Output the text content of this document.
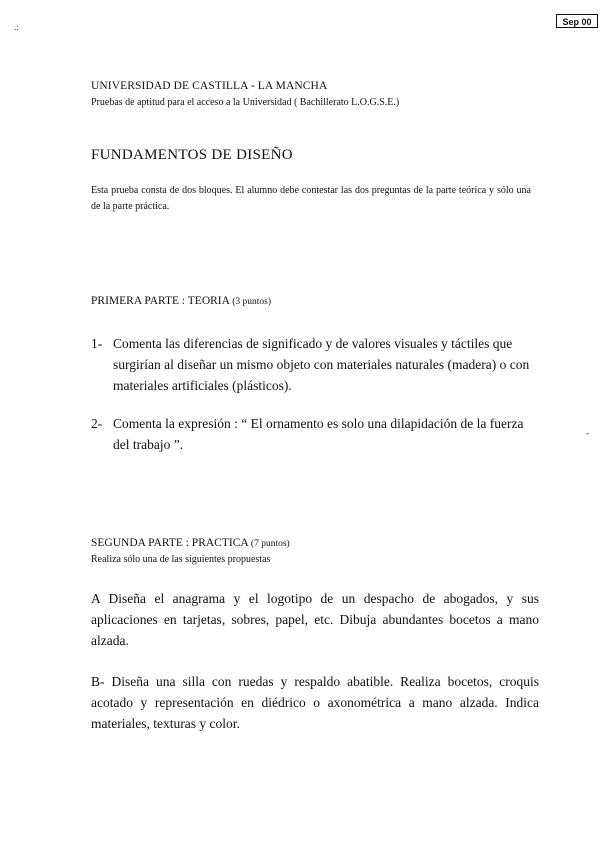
Sep 00
.:
-
UNIVERSIDAD DE CASTILLA - LA MANCHA
Pruebas de aptitud para el acceso a la Universidad ( Bachillerato L.O.G.S.E.)
FUNDAMENTOS DE DISEÑO
Esta prueba consta de dos bloques. El alumno debe contestar las dos preguntas de la parte teórica y sólo una de la parte práctica.
PRIMERA PARTE : TEORIA (3 puntos)
1- Comenta las diferencias de significado y de valores visuales y táctiles que surgirían al diseñar un mismo objeto con materiales naturales (madera) o con materiales artificiales (plásticos).
2- Comenta la expresión : “ El ornamento es solo una dilapidación de la fuerza del trabajo ”.
SEGUNDA PARTE : PRACTICA (7 puntos)
Realiza sólo una de las siguientes propuestas
A Diseña el anagrama y el logotipo de un despacho de abogados, y sus aplicaciones en tarjetas, sobres, papel, etc. Dibuja abundantes bocetos a mano alzada.
B- Diseña una silla con ruedas y respaldo abatible. Realiza bocetos, croquis acotado y representación en diédrico o axonométrica a mano alzada. Indica materiales, texturas y color.
